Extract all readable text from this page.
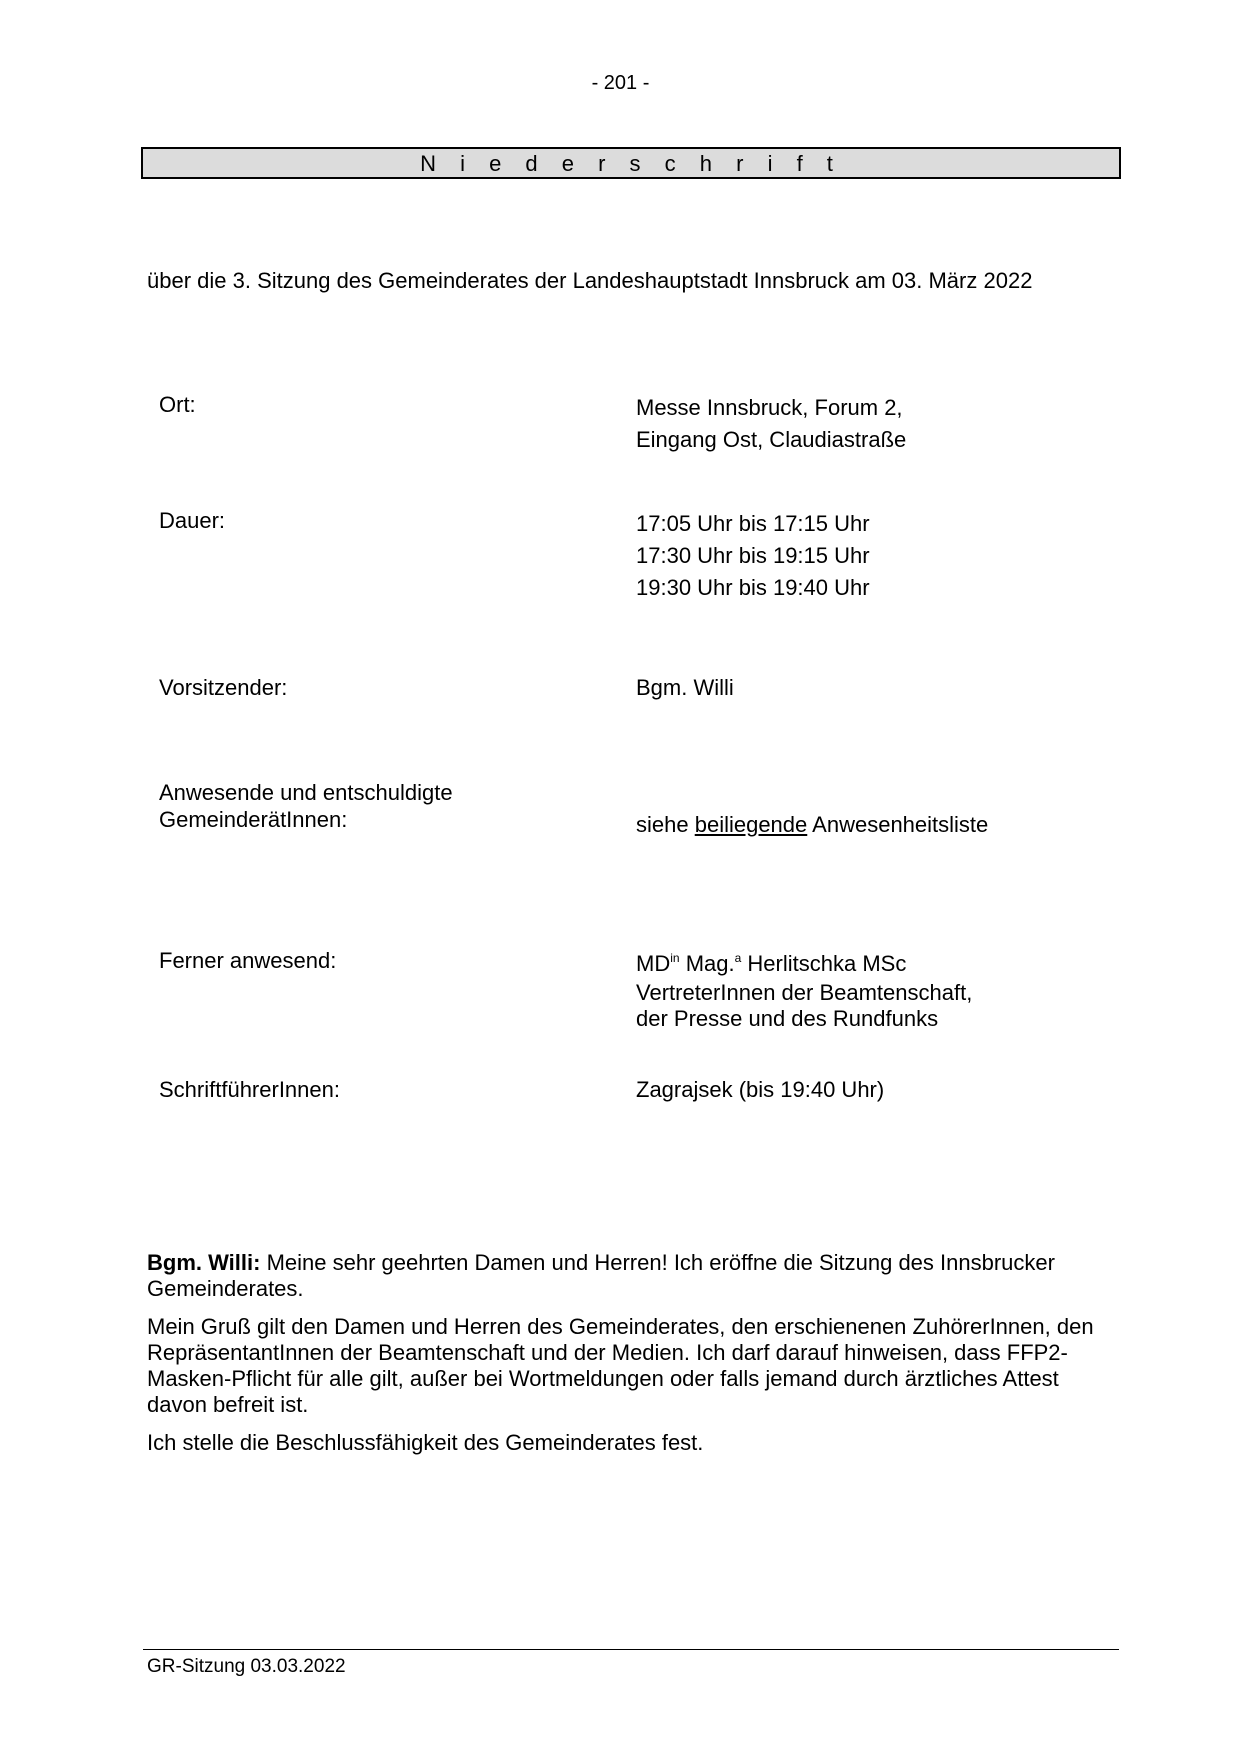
- 201 -
N i e d e r s c h r i f t
über die 3. Sitzung des Gemeinderates der Landeshauptstadt Innsbruck am 03. März 2022
Ort:	Messe Innsbruck, Forum 2,
Eingang Ost, Claudiastraße
Dauer:	17:05 Uhr bis 17:15 Uhr
17:30 Uhr bis 19:15 Uhr
19:30 Uhr bis 19:40 Uhr
Vorsitzender:	Bgm. Willi
Anwesende und entschuldigte
GemeinderätInnen:	siehe beiliegende Anwesenheitsliste
Ferner anwesend:	$MD^{in}$ Mag.$^a$ Herlitschka MSc
VertreterInnen der Beamtenschaft,
der Presse und des Rundfunks
SchriftführerInnen:	Zagrajsek (bis 19:40 Uhr)
Bgm. Willi: Meine sehr geehrten Damen und Herren! Ich eröffne die Sitzung des Innsbrucker Gemeinderates.
Mein Gruß gilt den Damen und Herren des Gemeinderates, den erschienenen ZuhörerInnen, den RepräsentantInnen der Beamtenschaft und der Medien. Ich darf darauf hinweisen, dass FFP2-Masken-Pflicht für alle gilt, außer bei Wortmeldungen oder falls jemand durch ärztliches Attest davon befreit ist.
Ich stelle die Beschlussfähigkeit des Gemeinderates fest.
GR-Sitzung 03.03.2022
